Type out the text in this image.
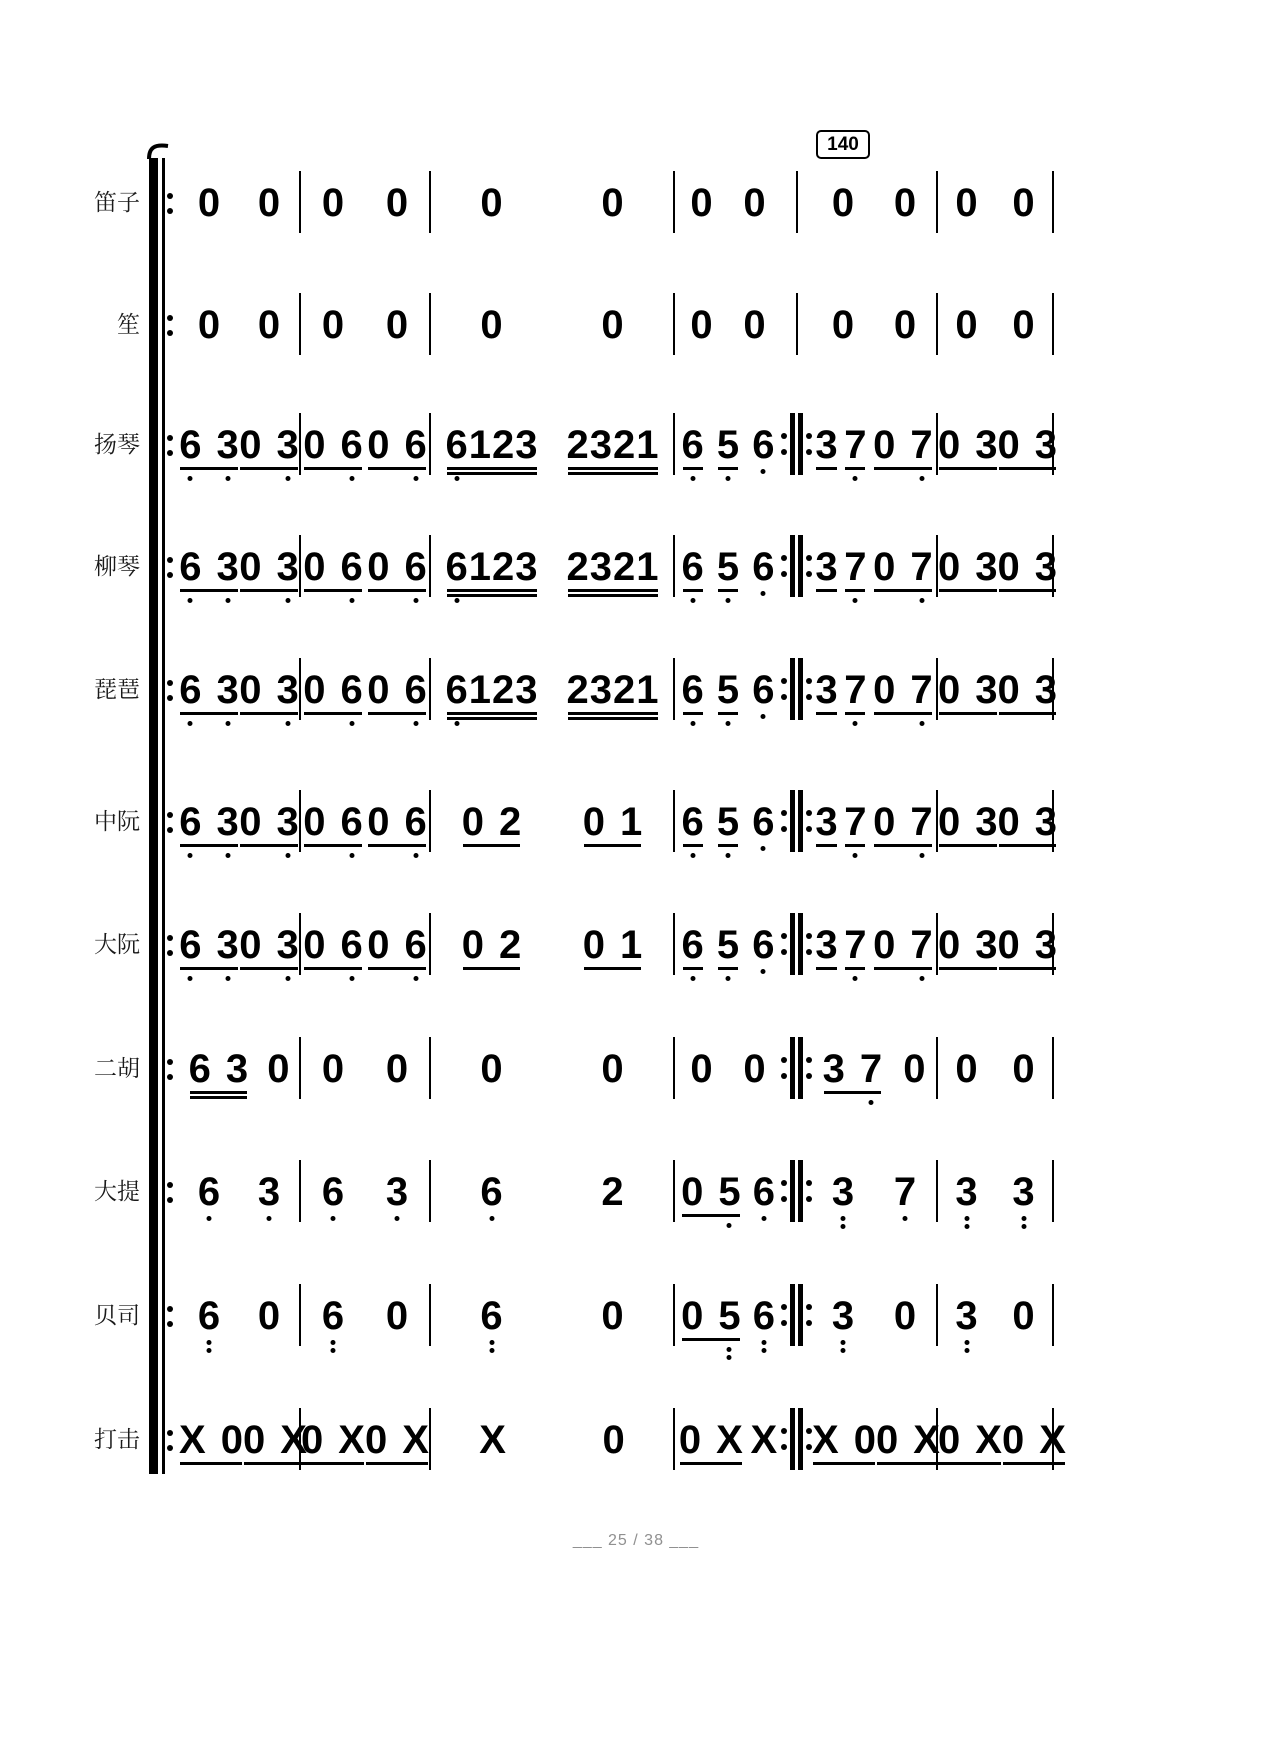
140
笛子 0 0 0 0 0 0 0 0 0 0 0 0
笙 0 0 0 0 0 0 0 0 0 0 0 0
扬琴 6 3 0 3 0 6 0 6 6 1 2 3 2 3 2 1 6 5 6 3 7 0 7 0 3 0 3
柳琴 6 3 0 3 0 6 0 6 6 1 2 3 2 3 2 1 6 5 6 3 7 0 7 0 3 0 3
琵琶 6 3 0 3 0 6 0 6 6 1 2 3 2 3 2 1 6 5 6 3 7 0 7 0 3 0 3
中阮 6 3 0 3 0 6 0 6 0 2 0 1 6 5 6 3 7 0 7 0 3 0 3
大阮 6 3 0 3 0 6 0 6 0 2 0 1 6 5 6 3 7 0 7 0 3 0 3
二胡 6 3 0 0 0 0 0 0 0 3 7 0 0 0
大提 6 3 6 3 6 2 0 5 6 3 7 3 3
贝司 6 0 6 0 6 0 0 5 6 3 0 3 0
打击 X 0 0 X
0 X 0 X X 0 0 X X X 0 0 X
0 X 0 X
___ 25 / 38 ___
